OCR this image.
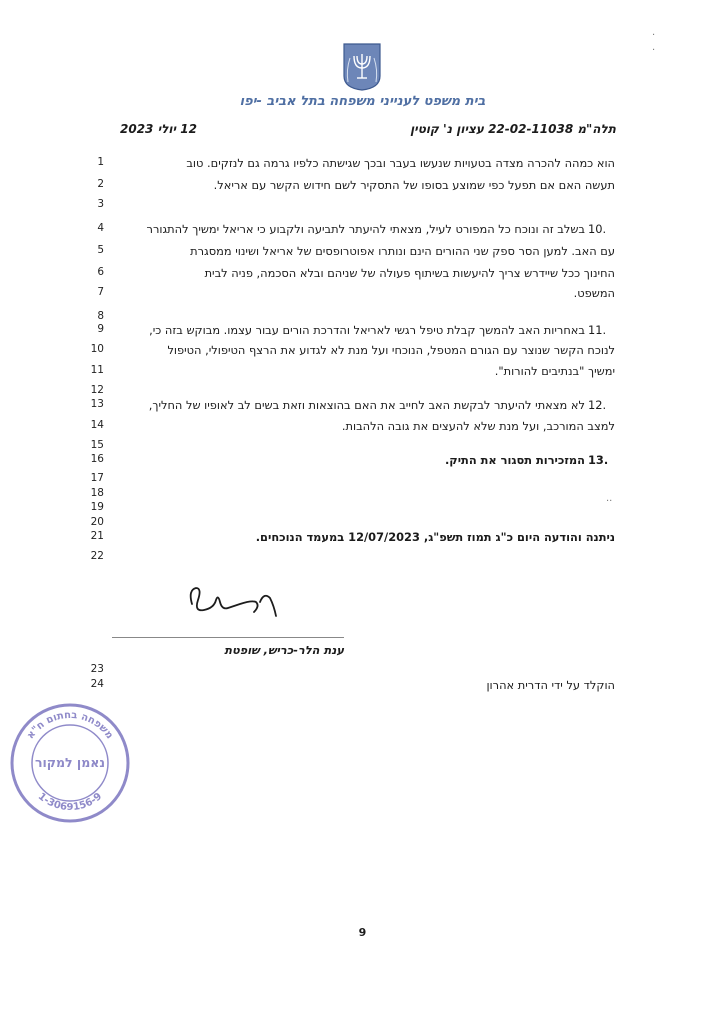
בית משפט לענייני משפחה בתל אביב -יפו
תלה"מ 22-02-11038 עציון נ' קוטין
12 יולי 2023
1	הוא כמהה להכרה מצדה בטעויות שנעשו בעבר ובכך שגישתה כלפיו גרמה גם לנזקים. טוב
2	תעשה האם אם תפעל כפי שמוצע בסופו של התסקיר לשם חידוש הקשר עם אריאל.
3
4	10.
בשלב זה ונוכח כל המפורט לעיל, מצאתי להיעתר לתביעה ולקבוע כי אריאל ימשיך להתגורר
5	עם האב. למען הסר ספק שני ההורים הינם ונותרו אפוטרופסים של אריאל ושינוי ממסגרת
6	החינוך ככל שיידרש צריך להיעשות בשיתוף פעולה של שניהם ובלא הסכמה, פניה לבית
7	המשפט.
8
9	11.
באחריות האב להמשך קבלת טיפל רגשי לאריאל והדרכת הורים עבור עצמו. מבוקש בזה כי,
10	לנוכח הקשר שנוצר עם הגורם המטפל, הנוכחי ועל מנת לא לגדוע את הרצף הטיפולי, הטיפול
11	ימשיך "בנתיבים להורות".
12
13	12.
לא מצאתי להיעתר לבקשת האב לחייב את האם בהוצאות וזאת בשים לב לאופיו של החליך,
14	למצב המורכב, ועל מנת שלא להעצים את גובה הלהבות.
15
16	13.
המזכירות תסגור את התיק.
17
18
19
20
21	ניתנה והודעה היום כ"ג תמוז תשפ"ג, 12/07/2023 במעמד הנוכחים.
22
23
24	הוקלד על ידי הדרית אהרון
ענת הלר-כריש, שופטת
משפחה בחתום ח"א
נאמן למקור
1-3069156-9
·
·
··
9
